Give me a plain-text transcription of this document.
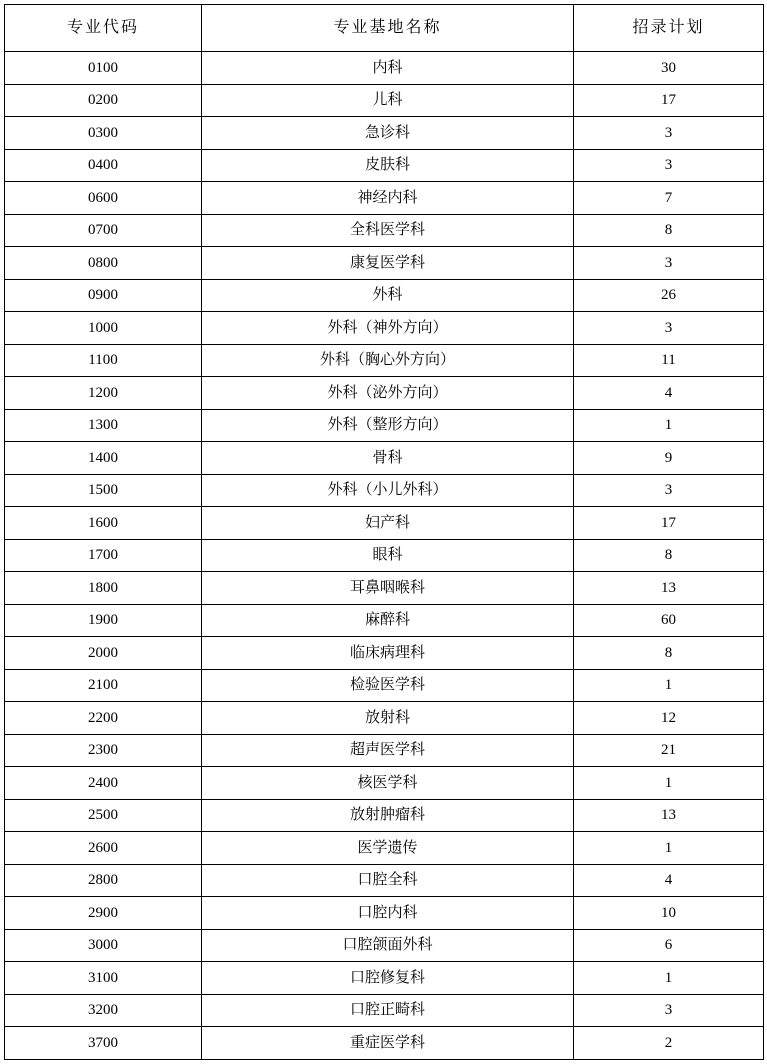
专业代码	专业基地名称	招录计划
0100	内科	30
0200	儿科	17
0300	急诊科	3
0400	皮肤科	3
0600	神经内科	7
0700	全科医学科	8
0800	康复医学科	3
0900	外科	26
1000	外科（神外方向）	3
1100	外科（胸心外方向）	11
1200	外科（泌外方向）	4
1300	外科（整形方向）	1
1400	骨科	9
1500	外科（小儿外科）	3
1600	妇产科	17
1700	眼科	8
1800	耳鼻咽喉科	13
1900	麻醉科	60
2000	临床病理科	8
2100	检验医学科	1
2200	放射科	12
2300	超声医学科	21
2400	核医学科	1
2500	放射肿瘤科	13
2600	医学遗传	1
2800	口腔全科	4
2900	口腔内科	10
3000	口腔颌面外科	6
3100	口腔修复科	1
3200	口腔正畸科	3
3700	重症医学科	2
